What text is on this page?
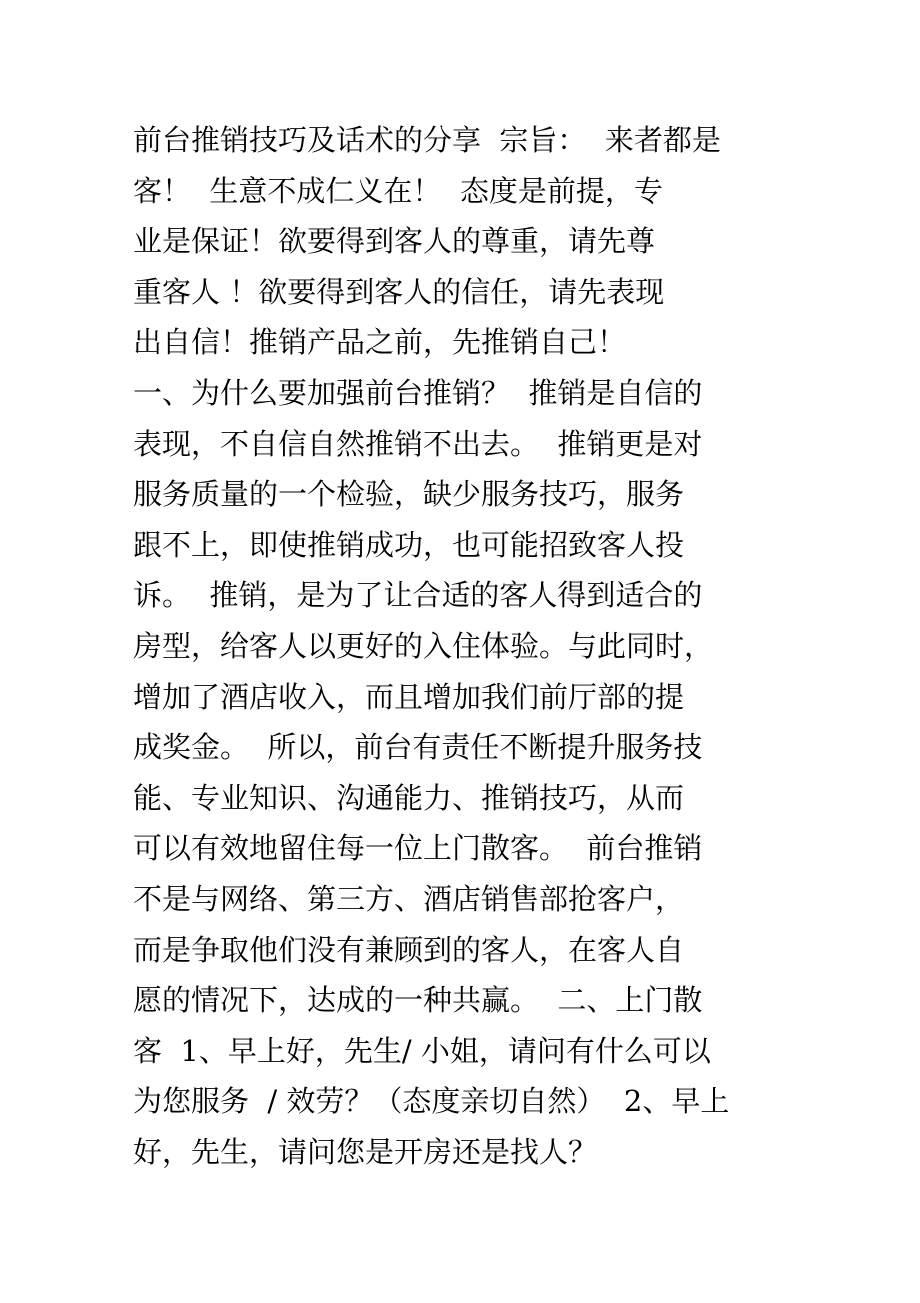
前台推销技巧及话术的分享  宗旨：  来者都是
客！  生意不成仁义在！  态度是前提，专
业是保证！欲要得到客人的尊重，请先尊
重客人 ！欲要得到客人的信任，请先表现
出自信！推销产品之前，先推销自己！
一、为什么要加强前台推销？  推销是自信的
表现，不自信自然推销不出去。  推销更是对
服务质量的一个检验，缺少服务技巧，服务
跟不上，即使推销成功，也可能招致客人投
诉。  推销，是为了让合适的客人得到适合的
房型，给客人以更好的入住体验。与此同时，
增加了酒店收入，而且增加我们前厅部的提
成奖金。  所以，前台有责任不断提升服务技
能、专业知识、沟通能力、推销技巧，从而
可以有效地留住每一位上门散客。  前台推销
不是与网络、第三方、酒店销售部抢客户，
而是争取他们没有兼顾到的客人，在客人自
愿的情况下，达成的一种共赢。  二、上门散
客  1、早上好，先生/ 小姐，请问有什么可以
为您服务  / 效劳？（态度亲切自然）  2、早上
好，先生，请问您是开房还是找人？
